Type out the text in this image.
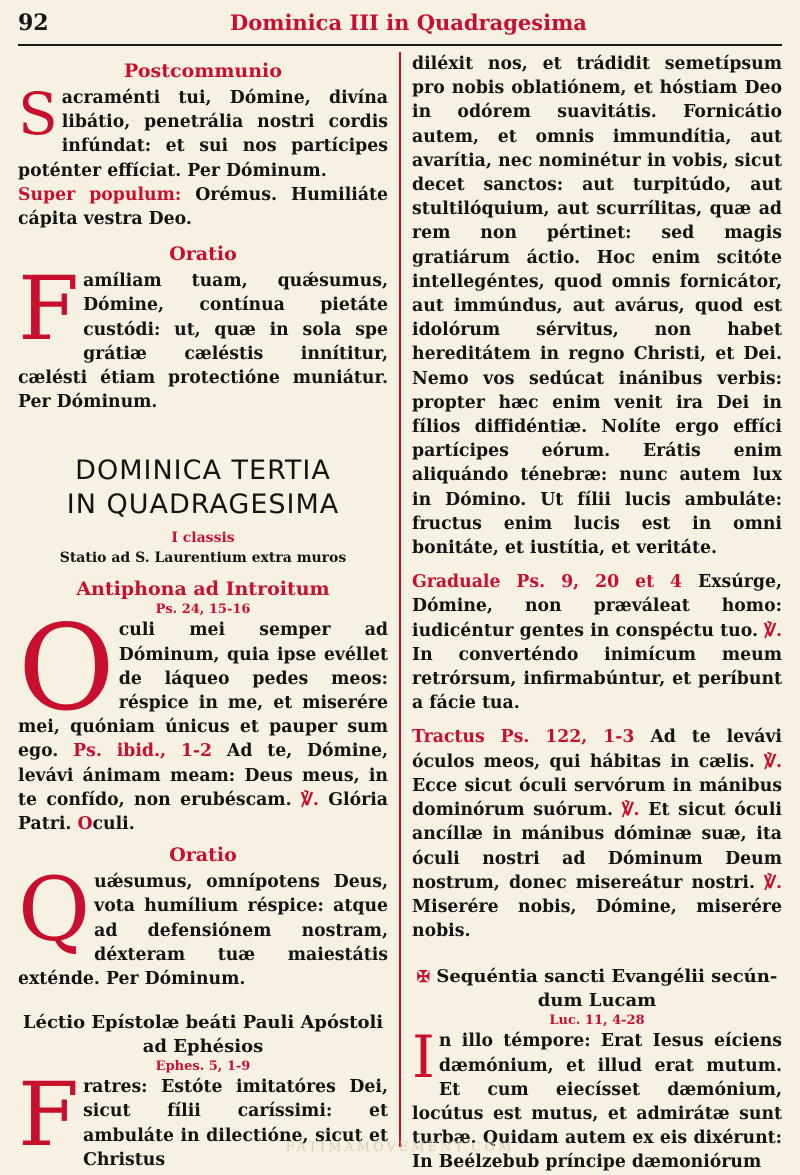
92	Dominica III in Quadragesima
Postcommunio

Sacraménti tui, Dómine, divína libátio, penetrália nostri cordis infúndat: et sui nos partícipes poténter effíciat. Per Dóminum.

Super populum: Orémus. Humiliáte cápita vestra Deo.

Oratio

Famíliam tuam, quǽsumus, Dómine, contínua pietáte custódi: ut, quæ in sola spe grátiæ cæléstis innítitur, cælésti étiam protectióne muniátur. Per Dóminum.

DOMINICA TERTIA
IN QUADRAGESIMA
I classis
Statio ad S. Laurentium extra muros
Antiphona ad Introitum
Ps. 24, 15-16

Oculi mei semper ad Dóminum, quia ipse evéllet de láqueo pedes meos: réspice in me, et miserére mei, quóniam únicus et pauper sum ego. Ps. ibid., 1-2 Ad te, Dómine, levávi ánimam meam: Deus meus, in te confído, non erubéscam. ℣. Glória Patri. Oculi.

Oratio

Quǽsumus, omnípotens Deus, vota humílium réspice: atque ad defensiónem nostram, déxteram tuæ maiestátis exténde. Per Dóminum.

Léctio Epístolæ beáti Pauli Apóstoli
ad Ephésios
Ephes. 5, 1-9

Fratres: Estóte imitatóres Dei, sicut fílii caríssimi: et ambuláte in dilectióne, sicut et Christus

diléxit nos, et trádidit semetípsum pro nobis oblatiónem, et hóstiam Deo in odórem suavitátis. Fornicátio autem, et omnis immundítia, aut avarítia, nec nominétur in vobis, sicut decet sanctos: aut turpitúdo, aut stultilóquium, aut scurrílitas, quæ ad rem non pértinet: sed magis gratiárum áctio. Hoc enim scitóte intellegéntes, quod omnis fornicátor, aut immúndus, aut avárus, quod est idolórum sérvitus, non habet hereditátem in regno Christi, et Dei. Nemo vos sedúcat inánibus verbis: propter hæc enim venit ira Dei in fílios diffidéntiæ. Nolíte ergo effíci partícipes eórum. Erátis enim aliquándo ténebræ: nunc autem lux in Dómino. Ut fílii lucis ambuláte: fructus enim lucis est in omni bonitáte, et iustítia, et veritáte.

Graduale Ps. 9, 20 et 4 Exsúrge, Dómine, non præváleat homo: iudicéntur gentes in conspéctu tuo. ℣. In converténdo inimícum meum retrórsum, infirmabúntur, et períbunt a fácie tua.

Tractus Ps. 122, 1-3 Ad te levávi óculos meos, qui hábitas in cælis. ℣. Ecce sicut óculi servórum in mánibus dominórum suórum. ℣. Et sicut óculi ancíllæ in mánibus dóminæ suæ, ita óculi nostri ad Dóminum Deum nostrum, donec misereátur nostri. ℣. Miserére nobis, Dómine, miserére nobis.

✠ Sequéntia sancti Evangélii secún-
dum Lucam
Luc. 11, 4-28

In illo témpore: Erat Iesus eíciens dæmónium, et illud erat mutum. Et cum eiecísset dæmónium, locútus est mutus, et admirátæ sunt turbæ. Quidam autem ex eis dixérunt: In Beélzebub príncipe dæmoniórum

FATIMAMOVEMENT.COM
